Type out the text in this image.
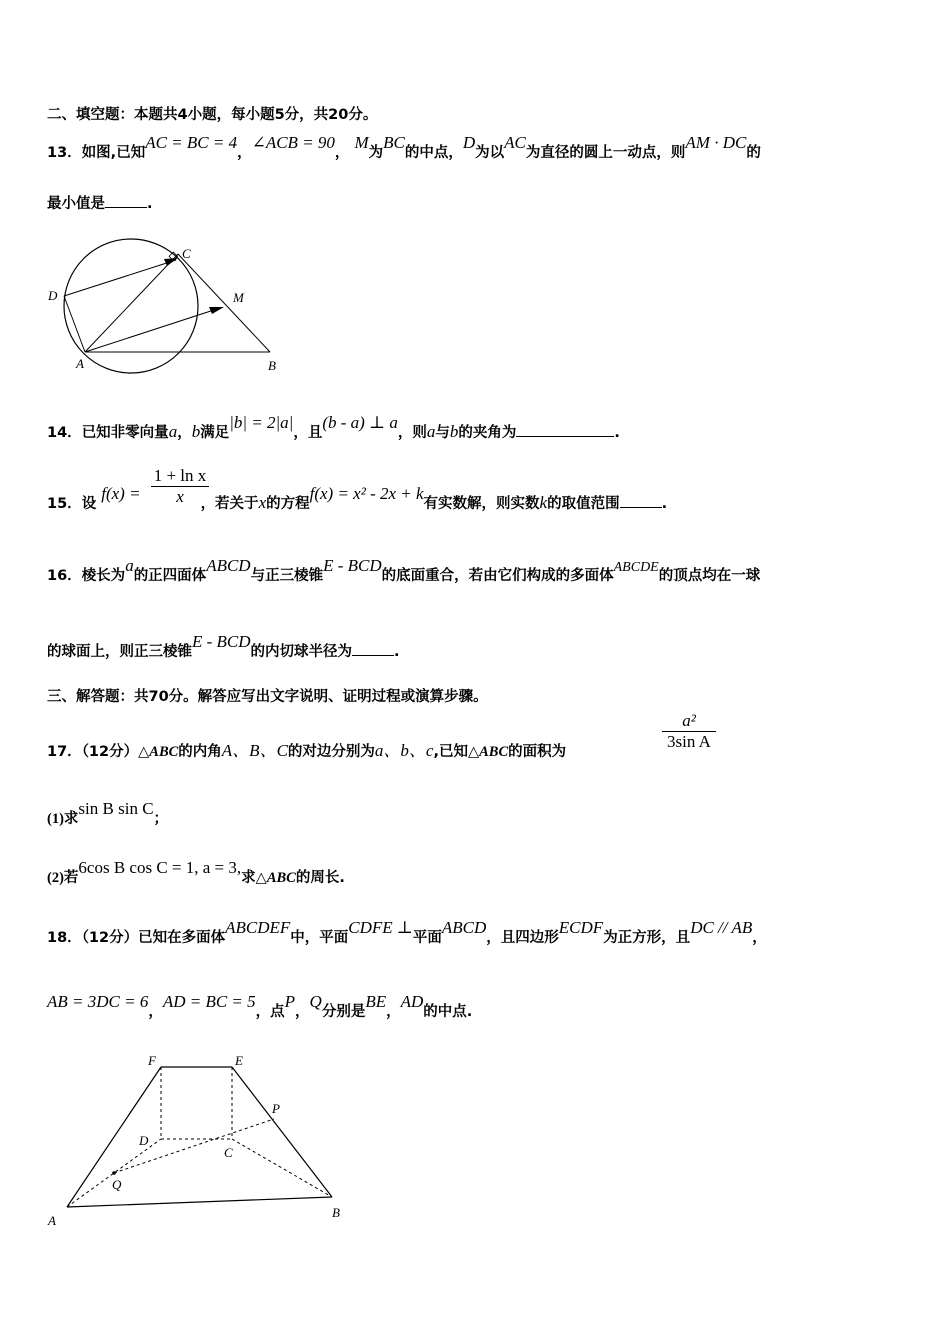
二、填空题：本题共4小题，每小题5分，共20分。
13．如图,已知AC = BC = 4，∠ACB = 90， M为BC的中点，D为以AC为直径的圆上一动点，则AM · DC的
最小值是	.
C
D	M
A	B
14．已知非零向量a，b满足|b| = 2|a|，且(b - a) ⊥ a，则a与b的夹角为	.
15．设 f(x) =，若关于x的方程f(x) = x² - 2x + k有实数解，则实数k的取值范围	.
1 + ln x
x
16．棱长为a的正四面体ABCD与正三棱锥E - BCD的底面重合，若由它们构成的多面体ABCDE的顶点均在一球
的球面上，则正三棱锥E - BCD的内切球半径为	.
三、解答题：共70分。解答应写出文字说明、证明过程或演算步骤。
17．（12分）△ABC的内角A、B、C的对边分别为a、b、c,已知△ABC的面积为
a²
3sin A
(1)求sin B sin C；
(2)若6cos B cos C = 1, a = 3,求△ABC的周长.
18．（12分）已知在多面体ABCDEF中，平面CDFE ⊥平面ABCD，且四边形ECDF为正方形，且DC // AB，
AB = 3DC = 6，AD = BC = 5，点P，Q分别是BE，AD的中点.
F	E
P
D
C
Q
A
B
